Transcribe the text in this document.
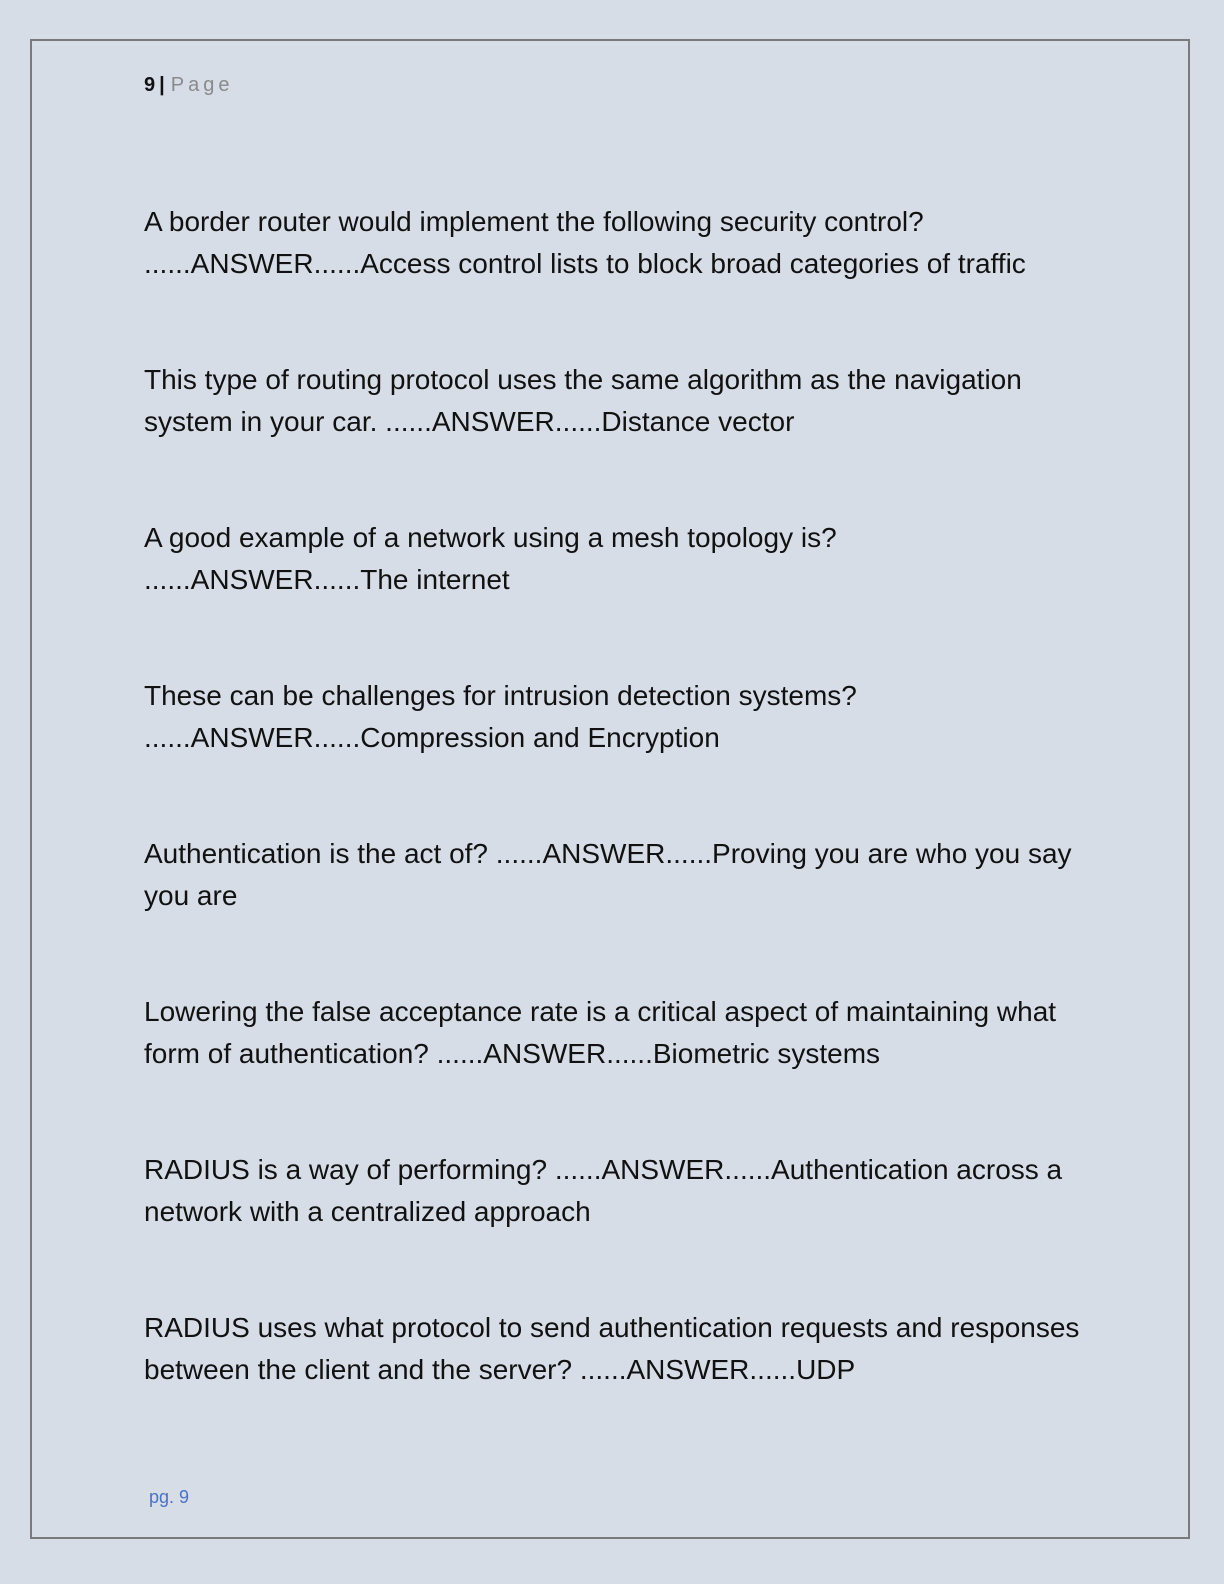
9 | Page
A border router would implement the following security control? ......ANSWER......Access control lists to block broad categories of traffic
This type of routing protocol uses the same algorithm as the navigation system in your car. ......ANSWER......Distance vector
A good example of a network using a mesh topology is? ......ANSWER......The internet
These can be challenges for intrusion detection systems? ......ANSWER......Compression and Encryption
Authentication is the act of? ......ANSWER......Proving you are who you say you are
Lowering the false acceptance rate is a critical aspect of maintaining what form of authentication? ......ANSWER......Biometric systems
RADIUS is a way of performing? ......ANSWER......Authentication across a network with a centralized approach
RADIUS uses what protocol to send authentication requests and responses between the client and the server? ......ANSWER......UDP
pg. 9
